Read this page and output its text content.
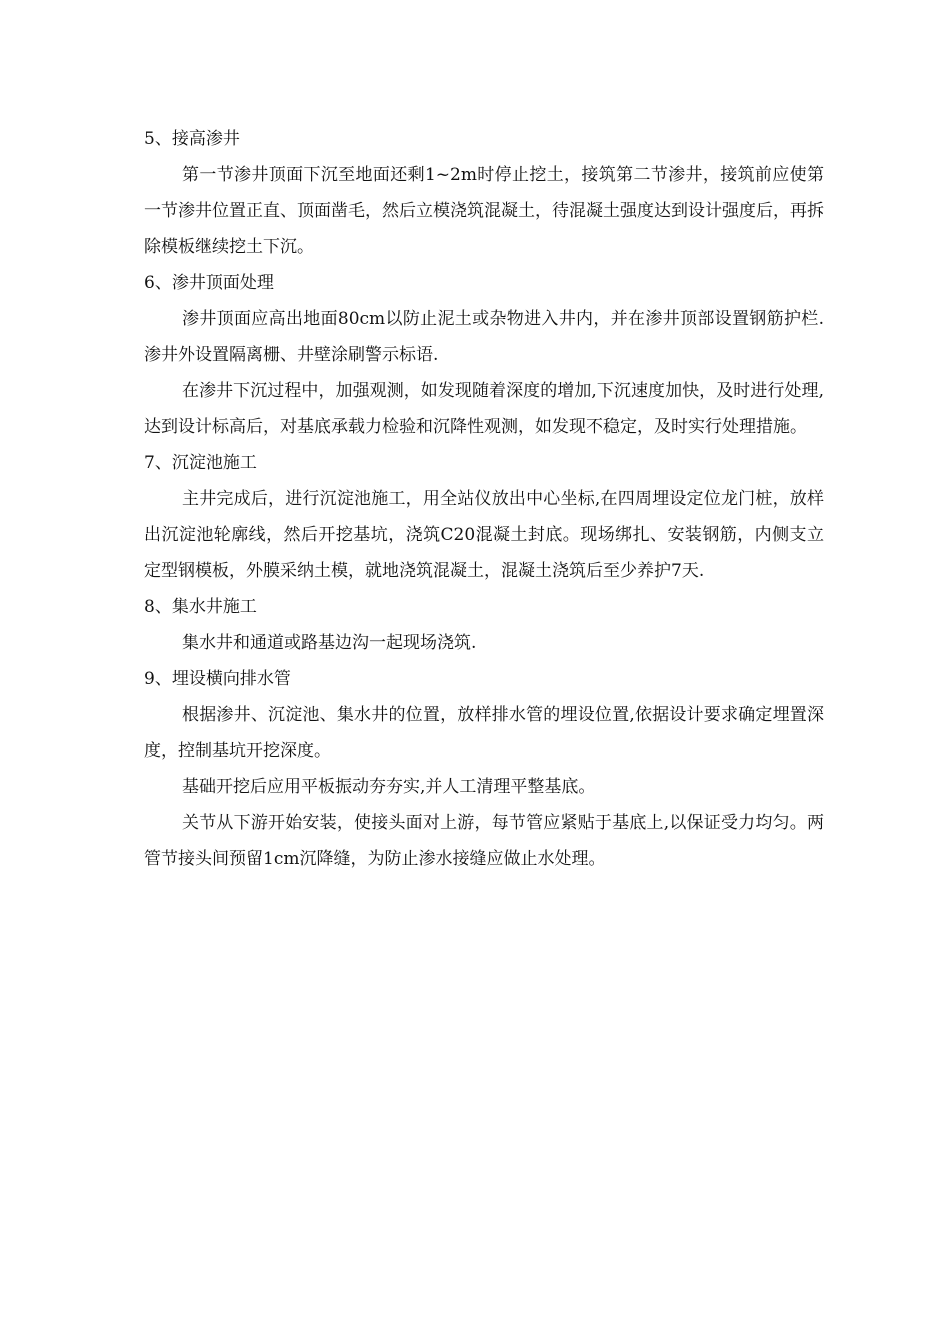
5、接高渗井

第一节渗井顶面下沉至地面还剩1~2m时停止挖土，接筑第二节渗井，接筑前应使第一节渗井位置正直、顶面凿毛，然后立模浇筑混凝土，待混凝土强度达到设计强度后，再拆除模板继续挖土下沉。

6、渗井顶面处理

渗井顶面应高出地面80cm以防止泥土或杂物进入井内，并在渗井顶部设置钢筋护栏.渗井外设置隔离栅、井壁涂刷警示标语.

在渗井下沉过程中，加强观测，如发现随着深度的增加,下沉速度加快，及时进行处理,达到设计标高后，对基底承载力检验和沉降性观测，如发现不稳定，及时实行处理措施。

7、沉淀池施工

主井完成后，进行沉淀池施工，用全站仪放出中心坐标,在四周埋设定位龙门桩，放样出沉淀池轮廓线，然后开挖基坑，浇筑C20混凝土封底。现场绑扎、安装钢筋，内侧支立定型钢模板，外膜采纳土模，就地浇筑混凝土，混凝土浇筑后至少养护7天.

8、集水井施工

集水井和通道或路基边沟一起现场浇筑.

9、埋设横向排水管

根据渗井、沉淀池、集水井的位置，放样排水管的埋设位置,依据设计要求确定埋置深度，控制基坑开挖深度。

基础开挖后应用平板振动夯夯实,并人工清理平整基底。

关节从下游开始安装，使接头面对上游，每节管应紧贴于基底上,以保证受力均匀。两管节接头间预留1cm沉降缝，为防止渗水接缝应做止水处理。
